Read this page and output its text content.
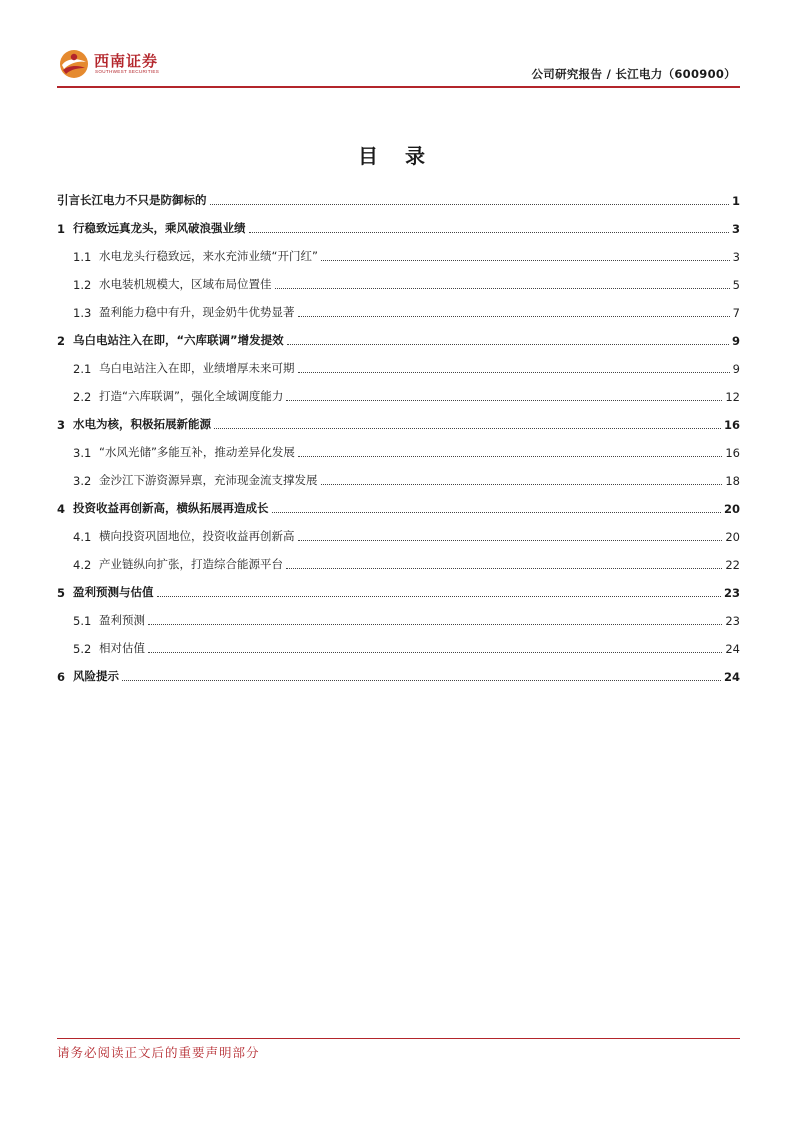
西南证券
SOUTHWEST SECURITIES	公司研究报告 / 长江电力（600900）
目 录
引言 长江电力不只是防御标的	1
1 行稳致远真龙头，乘风破浪强业绩	3
1.1 水电龙头行稳致远，来水充沛业绩“开门红”	3
1.2 水电装机规模大，区域布局位置佳	5
1.3 盈利能力稳中有升，现金奶牛优势显著	7
2 乌白电站注入在即，“六库联调”增发提效	9
2.1 乌白电站注入在即，业绩增厚未来可期	9
2.2 打造“六库联调”，强化全域调度能力	12
3 水电为核，积极拓展新能源	16
3.1 “水风光储”多能互补，推动差异化发展	16
3.2 金沙江下游资源异禀，充沛现金流支撑发展	18
4 投资收益再创新高，横纵拓展再造成长	20
4.1 横向投资巩固地位，投资收益再创新高	20
4.2 产业链纵向扩张，打造综合能源平台	22
5 盈利预测与估值	23
5.1 盈利预测	23
5.2 相对估值	24
6 风险提示	24
请务必阅读正文后的重要声明部分
